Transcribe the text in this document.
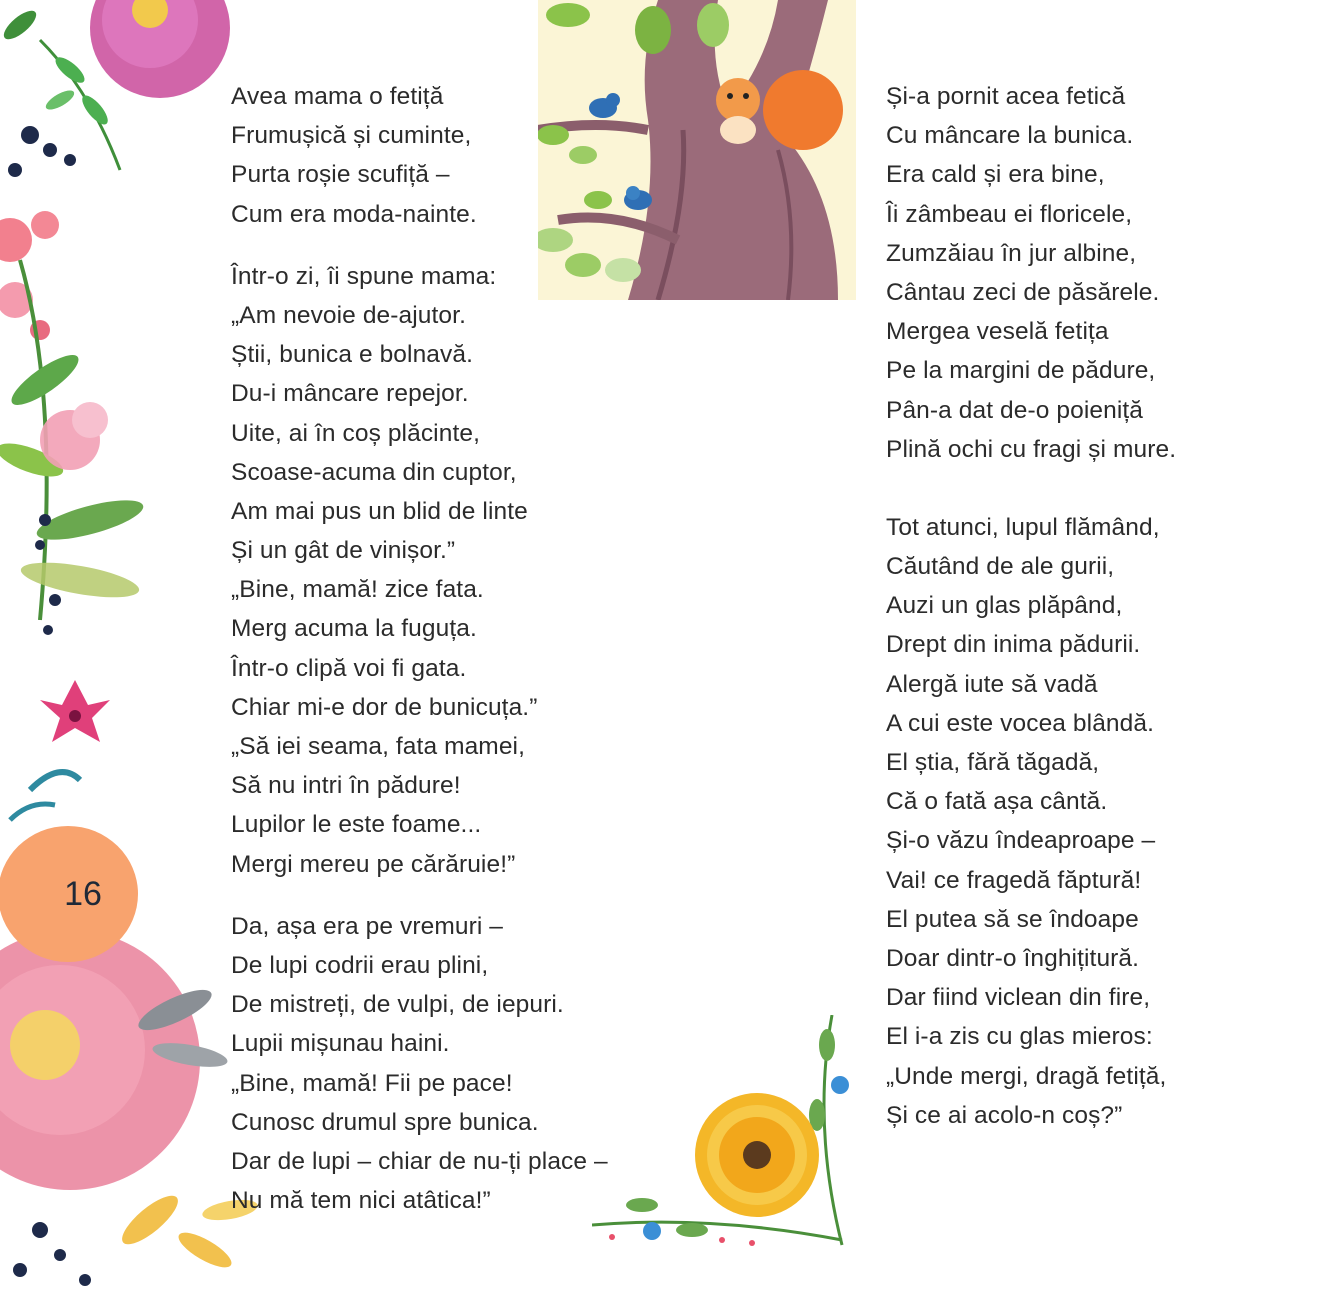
16
Avea mama o fetiță
Frumușică și cuminte,
Purta roșie scufiță –
Cum era moda-nainte.
Într-o zi, îi spune mama:
„Am nevoie de-ajutor.
Știi, bunica e bolnavă.
Du-i mâncare repejor.
Uite, ai în coș plăcinte,
Scoase-acuma din cuptor,
Am mai pus un blid de linte
Și un gât de vinișor.”
„Bine, mamă! zice fata.
Merg acuma la fuguța.
Într-o clipă voi fi gata.
Chiar mi-e dor de bunicuța.”
„Să iei seama, fata mamei,
Să nu intri în pădure!
Lupilor le este foame...
Mergi mereu pe cărăruie!”
Da, așa era pe vremuri –
De lupi codrii erau plini,
De mistreți, de vulpi, de iepuri.
Lupii mișunau haini.
„Bine, mamă! Fii pe pace!
Cunosc drumul spre bunica.
Dar de lupi – chiar de nu-ți place –
Nu mă tem nici atâtica!”
Și-a pornit acea fetică
Cu mâncare la bunica.
Era cald și era bine,
Îi zâmbeau ei floricele,
Zumzăiau în jur albine,
Cântau zeci de păsărele.
Mergea veselă fetița
Pe la margini de pădure,
Pân-a dat de-o poieniță
Plină ochi cu fragi și mure.
Tot atunci, lupul flămând,
Căutând de ale gurii,
Auzi un glas plăpând,
Drept din inima pădurii.
Alergă iute să vadă
A cui este vocea blândă.
El știa, fără tăgadă,
Că o fată așa cântă.
Și-o văzu îndeaproape –
Vai! ce fragedă făptură!
El putea să se îndoape
Doar dintr-o înghițitură.
Dar fiind viclean din fire,
El i-a zis cu glas mieros:
„Unde mergi, dragă fetiță,
Și ce ai acolo-n coș?”
